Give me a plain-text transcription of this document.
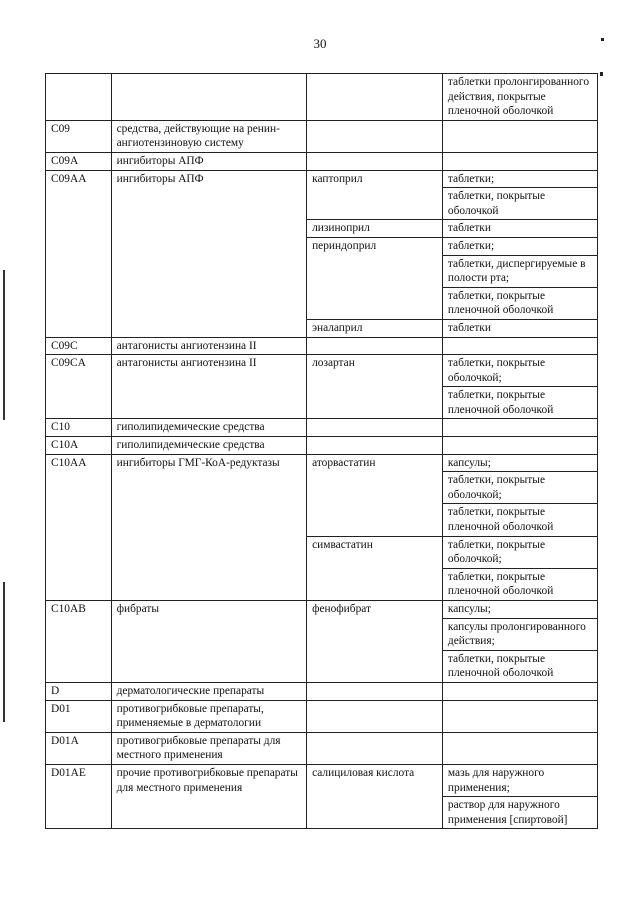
30

			таблетки пролонгированного действия, покрытые пленочной оболочкой

C09	средства, действующие на ренин-ангиотензиновую систему		

C09A	ингибиторы АПФ		

C09AA	ингибиторы АПФ	каптоприл	таблетки;
таблетки, покрытые оболочкой

		лизиноприл	таблетки

		периндоприл	таблетки;
таблетки, диспергируемые в полости рта;
таблетки, покрытые пленочной оболочкой

		эналаприл	таблетки

C09C	антагонисты ангиотензина II		

C09CA	антагонисты ангиотензина II	лозартан	таблетки, покрытые оболочкой;
таблетки, покрытые пленочной оболочкой

C10	гиполипидемические средства		

C10A	гиполипидемические средства		

C10AA	ингибиторы ГМГ-КоА-редуктазы	аторвастатин	капсулы;
таблетки, покрытые оболочкой;
таблетки, покрытые пленочной оболочкой

		симвастатин	таблетки, покрытые оболочкой;
таблетки, покрытые пленочной оболочкой

C10AB	фибраты	фенофибрат	капсулы;
капсулы пролонгированного действия;
таблетки, покрытые пленочной оболочкой

D	дерматологические препараты		

D01	противогрибковые препараты, применяемые в дерматологии		

D01A	противогрибковые препараты для местного применения		

D01AE	прочие противогрибковые препараты для местного применения	салициловая кислота	мазь для наружного применения;
раствор для наружного применения [спиртовой]
